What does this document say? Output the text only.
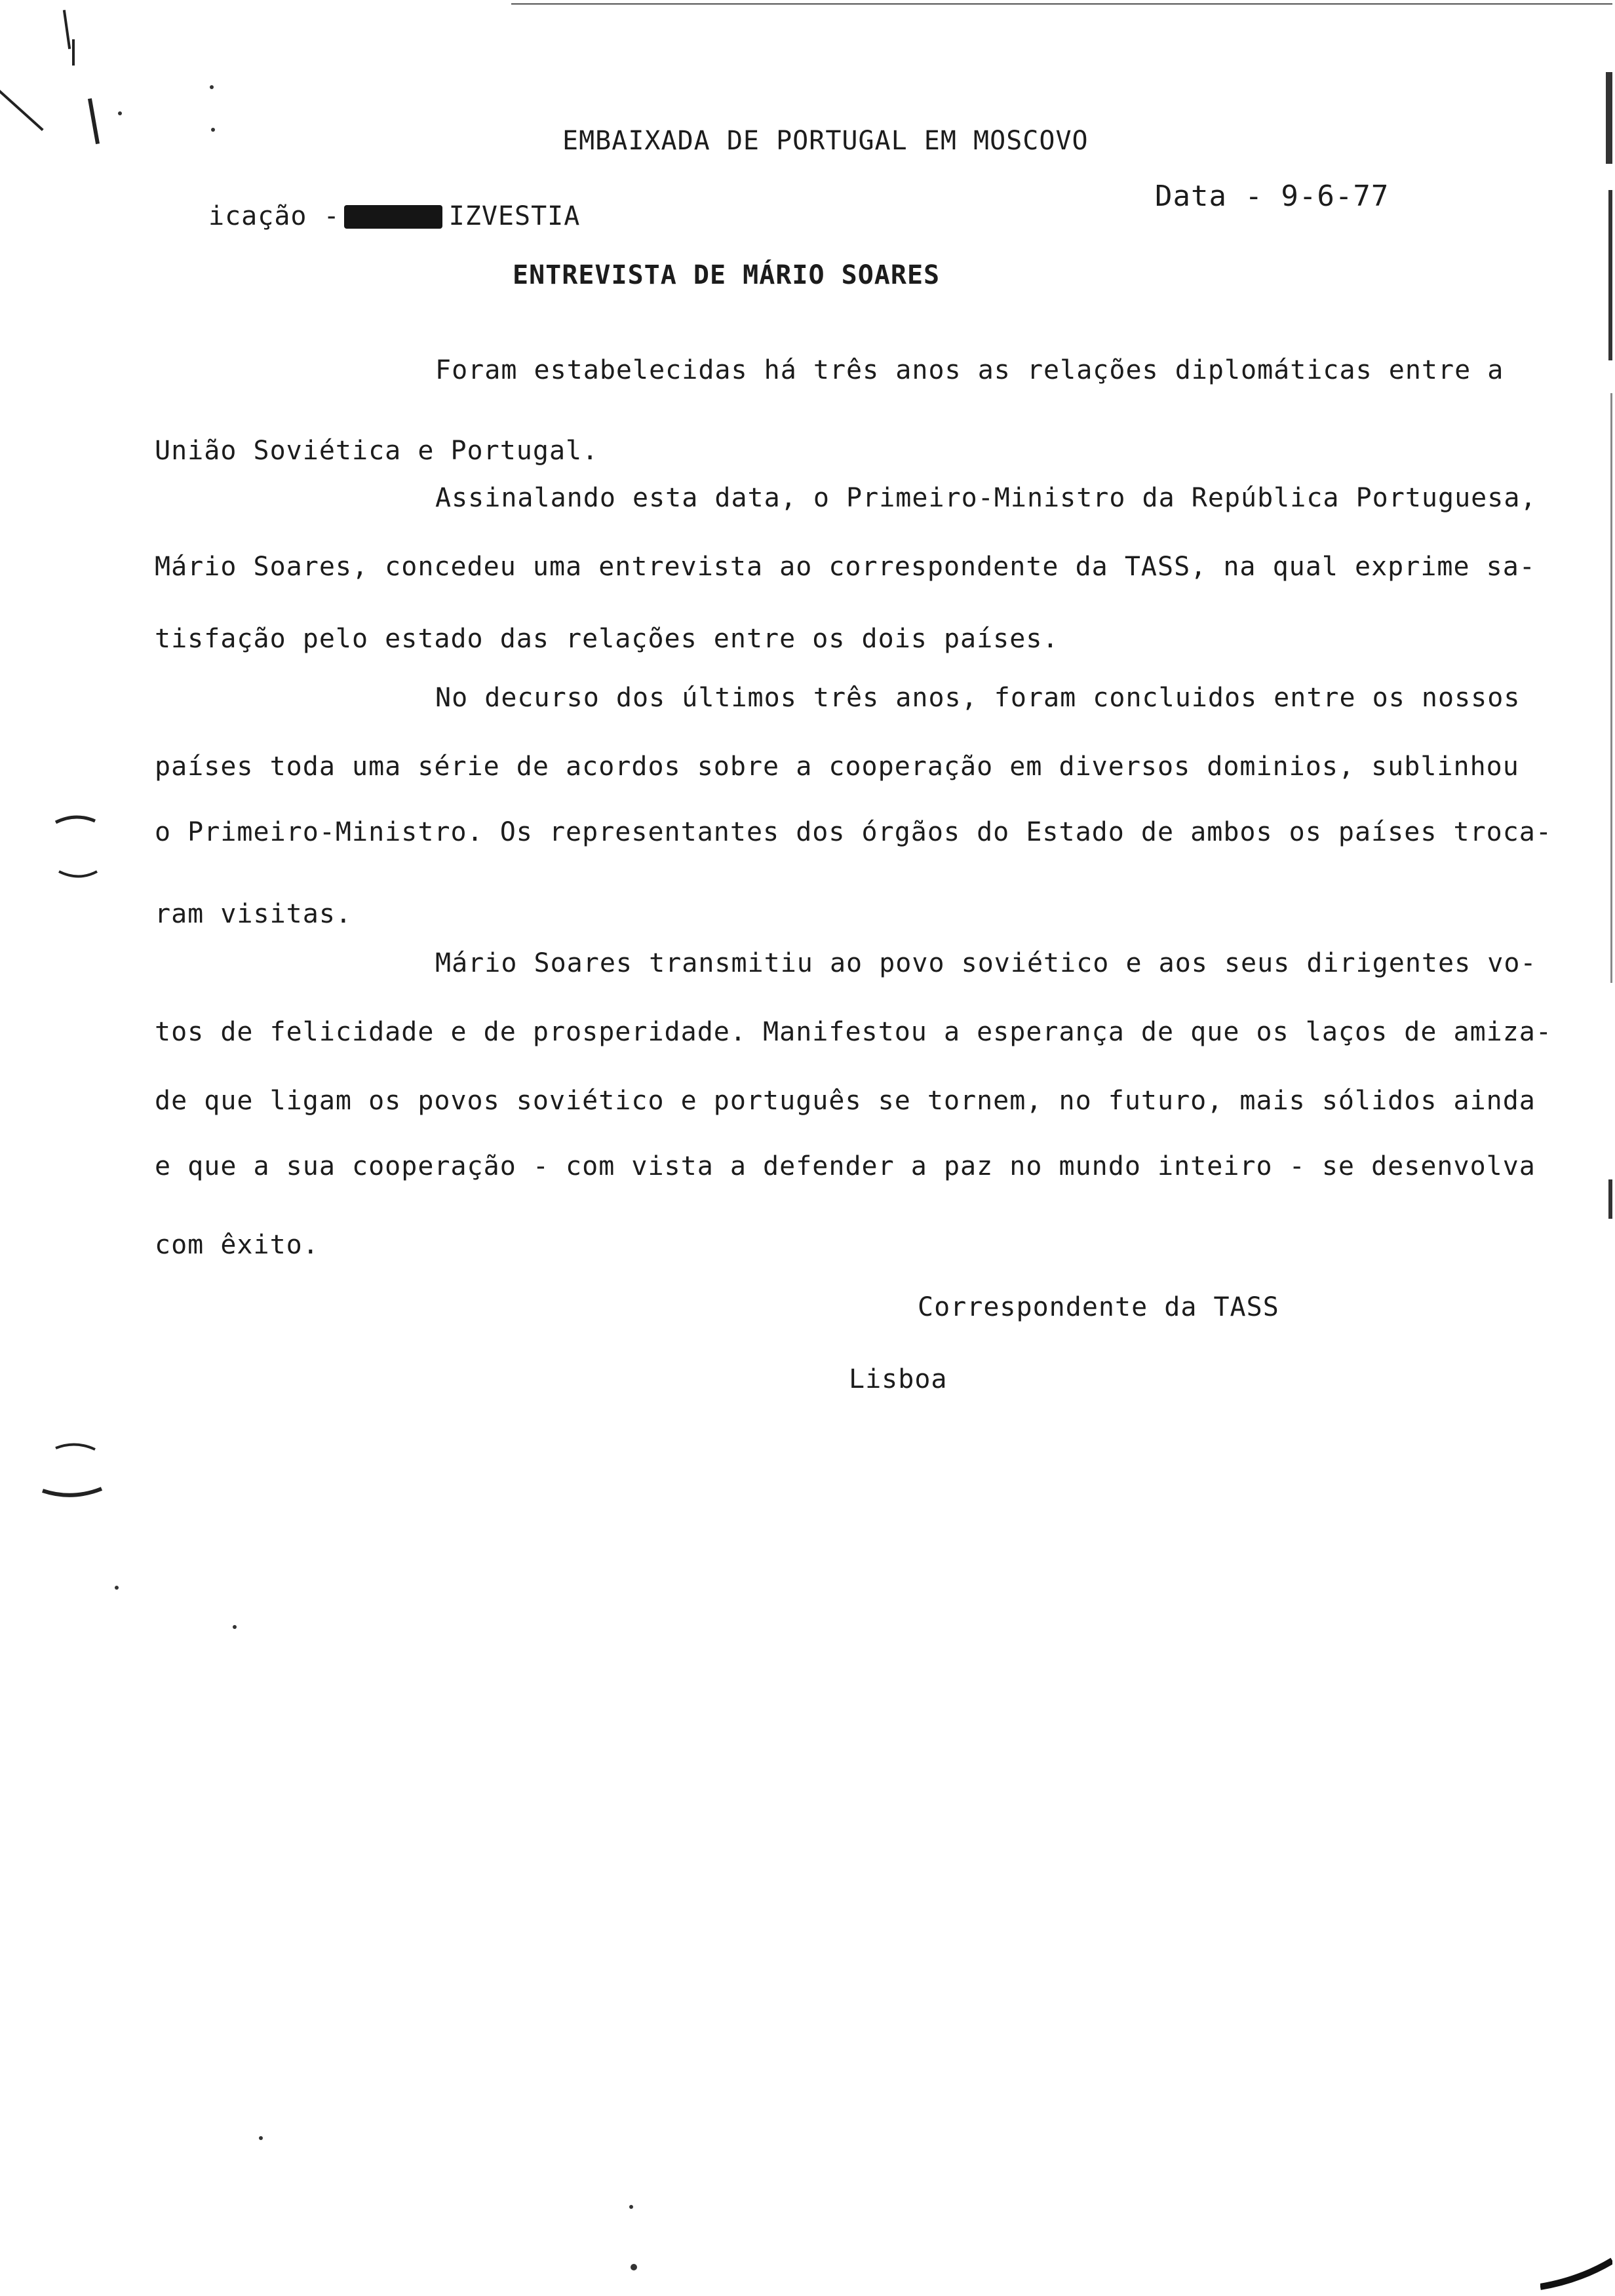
EMBAIXADA DE PORTUGAL EM MOSCOVO
icação -	IZVESTIA
Data - 9-6-77
ENTREVISTA DE MÁRIO SOARES
Foram estabelecidas há três anos as relações diplomáticas entre a
União Soviética e Portugal.
Assinalando esta data, o Primeiro-Ministro da República Portuguesa,
Mário Soares, concedeu uma entrevista ao correspondente da TASS, na qual exprime sa-
tisfação pelo estado das relações entre os dois países.
No decurso dos últimos três anos, foram concluidos entre os nossos
países toda uma série de acordos sobre a cooperação em diversos dominios, sublinhou
o Primeiro-Ministro. Os representantes dos órgãos do Estado de ambos os países troca-
ram visitas.
Mário Soares transmitiu ao povo soviético e aos seus dirigentes vo-
tos de felicidade e de prosperidade. Manifestou a esperança de que os laços de amiza-
de que ligam os povos soviético e português se tornem, no futuro, mais sólidos ainda
e que a sua cooperação - com vista a defender a paz no mundo inteiro - se desenvolva
com êxito.
Correspondente da TASS
Lisboa
